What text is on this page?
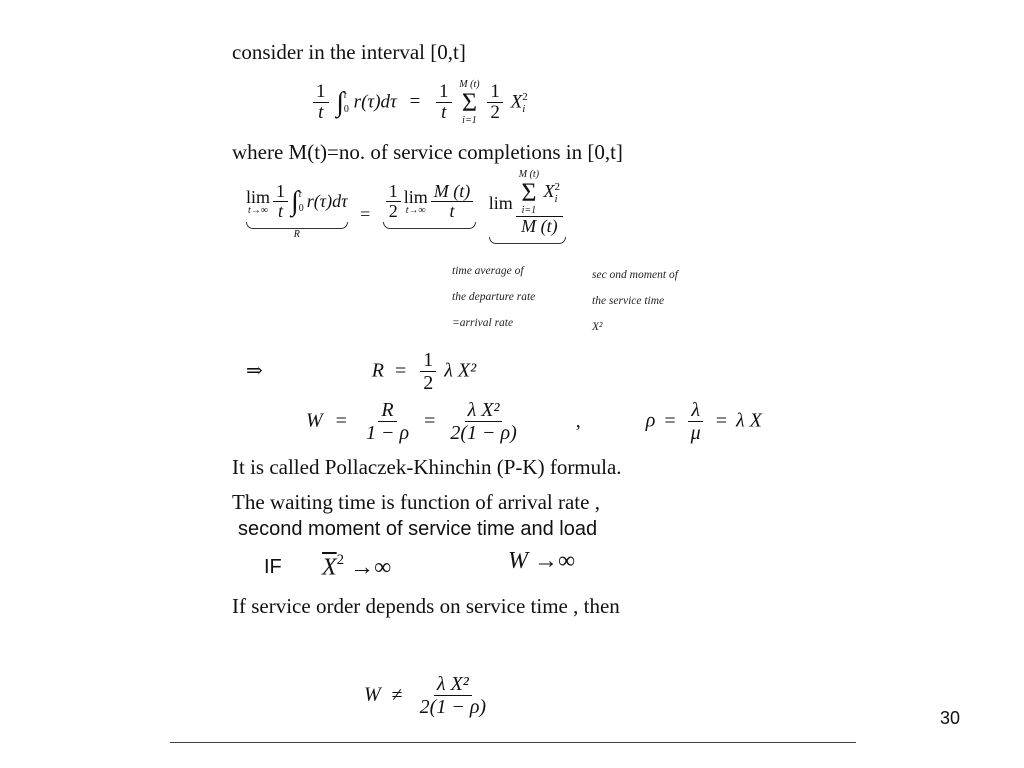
consider in the interval [0,t]
$\frac{1}{t}$ ∫ t
0 $r(\tau)d\tau = \frac{1}{t}$
M (t)
Σ
i=1
$\frac{1}{2}$ X 2
i
where M(t)=no. of service completions in [0,t]
lim
$t\to\infty \frac{1}{t}$ ∫ t
0 r(τ)dτ
R
= $\frac{1}{2}$ lim
$t\to\infty \frac{M (t)}{t}$
lim M (t)
Σ
i=1
X 2
i
M (t)
time average of
the departure rate
=arrival rate
sec ond moment of
the service time
X²
⇒	$R = \frac{1}{2}$ λ X²
$W = \frac{R}{1 - \rho} = \frac{\text{λ X²}}{2(1 - \rho)}$	,	$\rho = \frac{\lambda}{\mu} = \lambda$ X
It is called Pollaczek-Khinchin (P-K) formula.
The waiting time is function of arrival rate ,
second moment of service time and load
IF $\overline{X}^2$ →∞	W →∞
If service order depends on service time , then
$W \ne \frac{\text{λ X²}}{2(1 - \rho)}$	30
